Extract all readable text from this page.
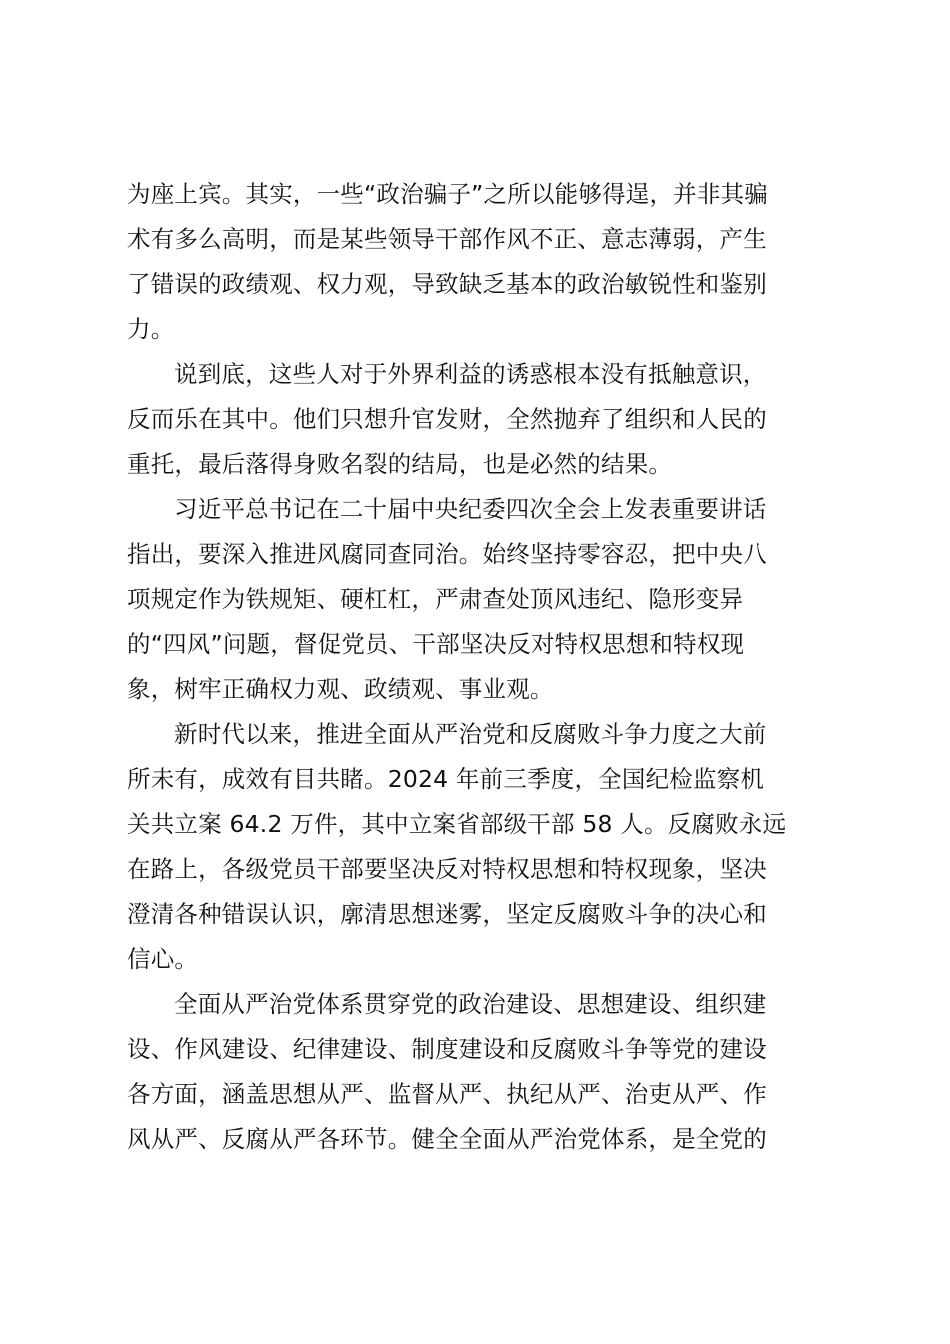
为座上宾。其实，一些“政治骗子”之所以能够得逞，并非其骗
术有多么高明，而是某些领导干部作风不正、意志薄弱，产生
了错误的政绩观、权力观，导致缺乏基本的政治敏锐性和鉴别
力。

说到底，这些人对于外界利益的诱惑根本没有抵触意识，
反而乐在其中。他们只想升官发财，全然抛弃了组织和人民的
重托，最后落得身败名裂的结局，也是必然的结果。

习近平总书记在二十届中央纪委四次全会上发表重要讲话
指出，要深入推进风腐同查同治。始终坚持零容忍，把中央八
项规定作为铁规矩、硬杠杠，严肃查处顶风违纪、隐形变异
的“四风”问题，督促党员、干部坚决反对特权思想和特权现
象，树牢正确权力观、政绩观、事业观。

新时代以来，推进全面从严治党和反腐败斗争力度之大前
所未有，成效有目共睹。2024 年前三季度，全国纪检监察机
关共立案 64.2 万件，其中立案省部级干部 58 人。反腐败永远
在路上，各级党员干部要坚决反对特权思想和特权现象，坚决
澄清各种错误认识，廓清思想迷雾，坚定反腐败斗争的决心和
信心。

全面从严治党体系贯穿党的政治建设、思想建设、组织建
设、作风建设、纪律建设、制度建设和反腐败斗争等党的建设
各方面，涵盖思想从严、监督从严、执纪从严、治吏从严、作
风从严、反腐从严各环节。健全全面从严治党体系，是全党的
